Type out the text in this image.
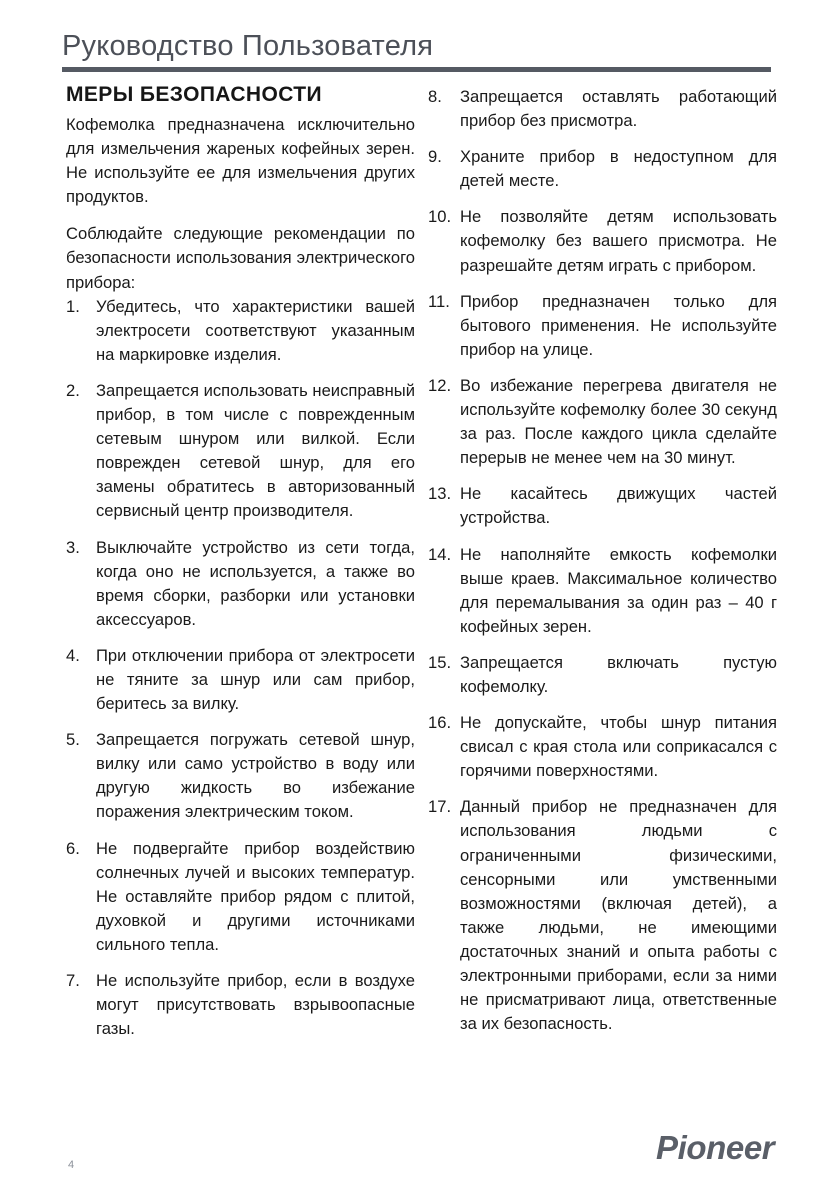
Руководство Пользователя
МЕРЫ БЕЗОПАСНОСТИ

Кофемолка предназначена исключительно для измельчения жареных кофейных зерен. Не используйте ее для измельчения других продуктов.

Соблюдайте следующие рекомендации по безопасности использования электрического прибора:

1. Убедитесь, что характеристики вашей электросети соответствуют указанным на маркировке изделия.
2. Запрещается использовать неисправный прибор, в том числе с поврежденным сетевым шнуром или вилкой. Если поврежден сетевой шнур, для его замены обратитесь в авторизованный сервисный центр производителя.
3. Выключайте устройство из сети тогда, когда оно не используется, а также во время сборки, разборки или установки аксессуаров.
4. При отключении прибора от электросети не тяните за шнур или сам прибор, беритесь за вилку.
5. Запрещается погружать сетевой шнур, вилку или само устройство в воду или другую жидкость во избежание поражения электрическим током.
6. Не подвергайте прибор воздействию солнечных лучей и высоких температур. Не оставляйте прибор рядом с плитой, духовкой и другими источниками сильного тепла.
7. Не используйте прибор, если в воздухе могут присутствовать взрывоопасные газы.
8.	Запрещается оставлять работающий прибор без присмотра.
9.	Храните прибор в недоступном для детей месте.
10. Не позволяйте детям использовать кофемолку без вашего присмотра. Не разрешайте детям играть с прибором.
11. Прибор предназначен только для бытового применения. Не используйте прибор на улице.
12. Во избежание перегрева двигателя не используйте кофемолку более 30 секунд за раз. После каждого цикла сделайте перерыв не менее чем на 30 минут.
13. Не касайтесь движущих частей устройства.
14. Не наполняйте емкость кофемолки выше краев. Максимальное количество для перемалывания за один раз – 40 г кофейных зерен.
15. Запрещается включать пустую кофемолку.
16. Не допускайте, чтобы шнур питания свисал с края стола или соприкасался с горячими поверхностями.
17. Данный прибор не предназначен для использования людьми с ограниченными физическими, сенсорными или умственными возможностями (включая детей), а также людьми, не имеющими достаточных знаний и опыта работы с электронными приборами, если за ними не присматривают лица, ответственные за их безопасность.
4	Pioneer
